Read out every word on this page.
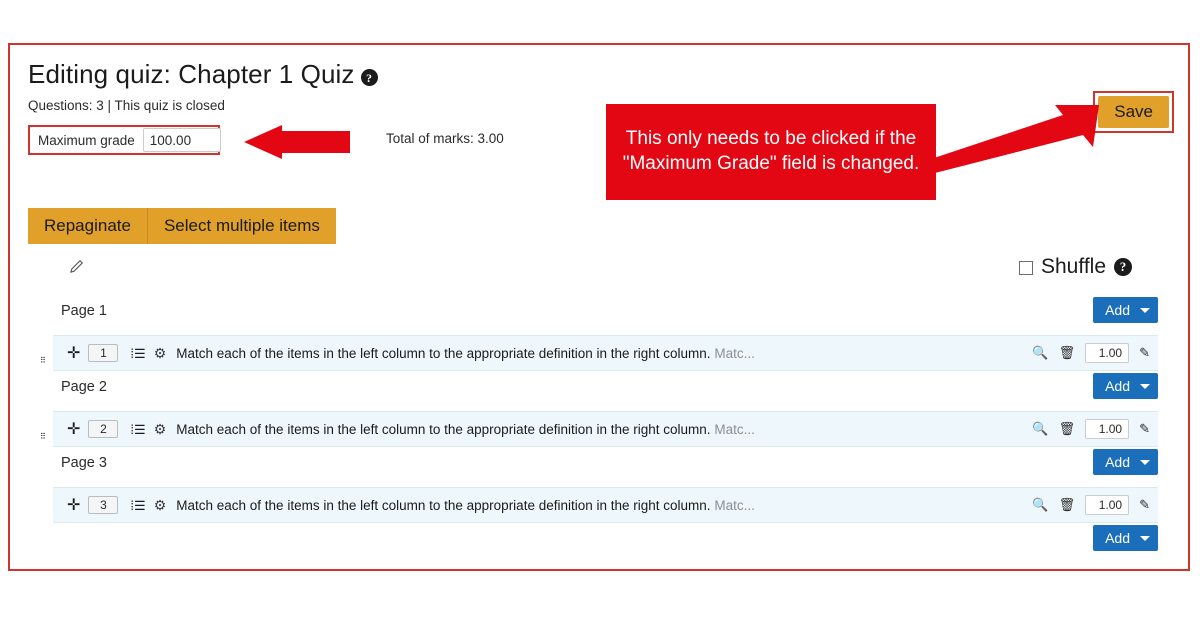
Editing quiz: Chapter 1 Quiz ?
Questions: 3 | This quiz is closed
Maximum grade
100.00	Total of marks: 3.00
Save
This only needs to be clicked if the "Maximum Grade" field is changed.
Repaginate	Select multiple items
Shuffle	?
Page 1	Add
⠿ ✛	1	⁞☰ ⚙ Match each of the items in the left column to the appropriate definition in the right column. Matc...	🔍 🗑	1.00	✎
Page 2	Add
⠿ ✛	2	⁞☰ ⚙ Match each of the items in the left column to the appropriate definition in the right column. Matc...	🔍 🗑	1.00	✎
Page 3	Add
✛	3	⁞☰ ⚙ Match each of the items in the left column to the appropriate definition in the right column. Matc...	🔍 🗑	1.00	✎
Add
